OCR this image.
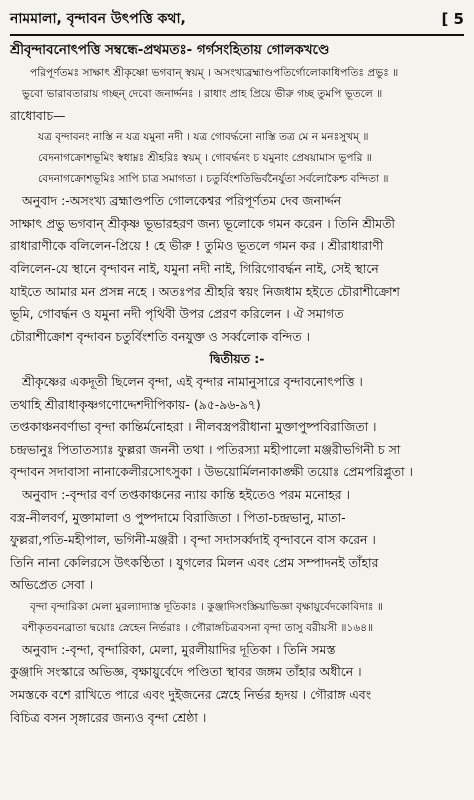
নামমালা, বৃন্দাবন উৎপত্তি কথা,	[ 5
শ্রীবৃন্দাবনোৎপত্তি সম্বন্ধে-প্রথমতঃ- গর্গসংহিতায় গোলকখণ্ডে
পরিপূর্ণতমঃ সাক্ষাৎ শ্রীকৃষ্ণো ভগবান্ স্বয়ম্ । অসংখ্যব্রহ্মাণ্ডপতির্গোলোকাধিপতিঃ প্রভুঃ ॥
ভুবো ভারাবতারায় গচ্ছন্ দেবো জনার্দ্দনঃ । রাধাং প্রাহ প্রিয়ে ভীরু গচ্ছ তুমপি ভূতলে ॥
রাধোবাচ—
যত্র বৃন্দাবনং নাস্তি ন যত্র যমুনা নদী । যত্র গোবর্দ্ধনো নাস্তি তত্র মে ন মনঃসুখম্ ॥
বেদনাগক্রোশভূমিং স্বধাম্নঃ শ্রীহরিঃ স্বয়ম্ । গোবর্দ্ধনং চ যমুনাং প্রেষয়ামাস ভূপরি ॥
বেদনাগক্রোশভূমিঃ সাপি চাত্র সমাগতা । চতুর্বিংশতিভির্বনৈর্যুতা সর্বলোকৈশ্চ বন্দিতা ॥
অনুবাদ :-অসংখ্য ব্রহ্মাণ্ডপতি গোলকেশ্বর পরিপূর্ণতম দেব জনার্দ্দন
সাক্ষাৎ প্রভু ভগবান্ শ্রীকৃষ্ণ ভূভারহরণ জন্য ভূলোকে গমন করেন । তিনি শ্রীমতী
রাধারাণীকে বলিলেন-প্রিয়ে ! হে ভীরু ! তুমিও ভূতলে গমন কর । শ্রীরাধারাণী
বলিলেন-যে স্থানে বৃন্দাবন নাই, যমুনা নদী নাই, গিরিগোবর্দ্ধন নাই, সেই স্থানে
যাইতে আমার মন প্রসন্ন নহে । অতঃপর শ্রীহরি স্বয়ং নিজধাম হইতে চৌরাশীক্রোশ
ভূমি, গোবর্দ্ধন ও যমুনা নদী পৃথিবী উপর প্রেরণ করিলেন । ঐ সমাগত
চৌরাশীক্রোশ বৃন্দাবন চতুর্বিংশতি বনযুক্ত ও সর্ব্বলোক বন্দিত ।
দ্বিতীয়ত :-
শ্রীকৃষ্ণের একদূতী ছিলেন বৃন্দা, এই বৃন্দার নামানুসারে বৃন্দাবনোৎপত্তি ।
তথাহি শ্রীরাধাকৃষ্ণগণোদ্দেশদীপিকায়- (৯৫-৯৬-৯৭)
তপ্তকাঞ্চনবর্ণাভা বৃন্দা কান্তির্মনোহরা । নীলবস্ত্রপরীধানা মুক্তাপুষ্পবিরাজিতা ।
চন্দ্রভানুঃ পিতাতস্যাঃ ফুল্লরা জননী তথা । পতিরস্যা মহীপালো মঞ্জরীভগিনী চ সা
বৃন্দাবন সদাবাসা নানাকেলীরসোৎসুকা । উভয়োর্মিলনাকাঙ্ক্ষী তয়োঃ প্রেমপরিপ্লুতা ।
অনুবাদ :-বৃন্দার বর্ণ তপ্তকাঞ্চনের ন্যায় কান্তি হইতেও পরম মনোহর ।
বস্ত্র-নীলবর্ণ, মুক্তামালা ও পুষ্পদামে বিরাজিতা । পিতা-চন্দ্রভানু, মাতা-
ফুল্লরা,পতি-মহীপাল, ভগিনী-মঞ্জরী । বৃন্দা সদাসর্ব্বদাই বৃন্দাবনে বাস করেন ।
তিনি নানা কেলিরসে উৎকণ্ঠিতা । যুগলের মিলন এবং প্রেম সম্পাদনই তাঁহার
অভিপ্রেত সেবা ।
বৃন্দা বৃন্দারিকা মেলা মুরল্যাদ্যাস্ত দূতিকাঃ । কুঞ্জাদিসংস্ক্রিয়াভিজ্ঞা বৃক্ষায়ুর্বেদকোবিদাঃ ॥
বশীকৃতবনব্রাতা দ্বয়োঃ স্নেহেন নির্ভরাঃ । গৌরাঙ্গচিত্রবসনা বৃন্দা তাসু বরীয়সী ॥১৬৪॥
অনুবাদ :-বৃন্দা, বৃন্দারিকা, মেলা, মুরলীয়াদির দূতিকা । তিনি সমস্ত
কুঞ্জাদি সংস্কারে অভিজ্ঞ, বৃক্ষায়ুর্বেদে পণ্ডিতা স্থাবর জঙ্গম তাঁহার অধীনে ।
সমস্তকে বশে রাখিতে পারে এবং দুইজনের স্নেহে নির্ভর হৃদয় । গৌরাঙ্গ এবং
বিচিত্র বসন সৃঙ্গারের জন্যও বৃন্দা শ্রেষ্ঠা ।
